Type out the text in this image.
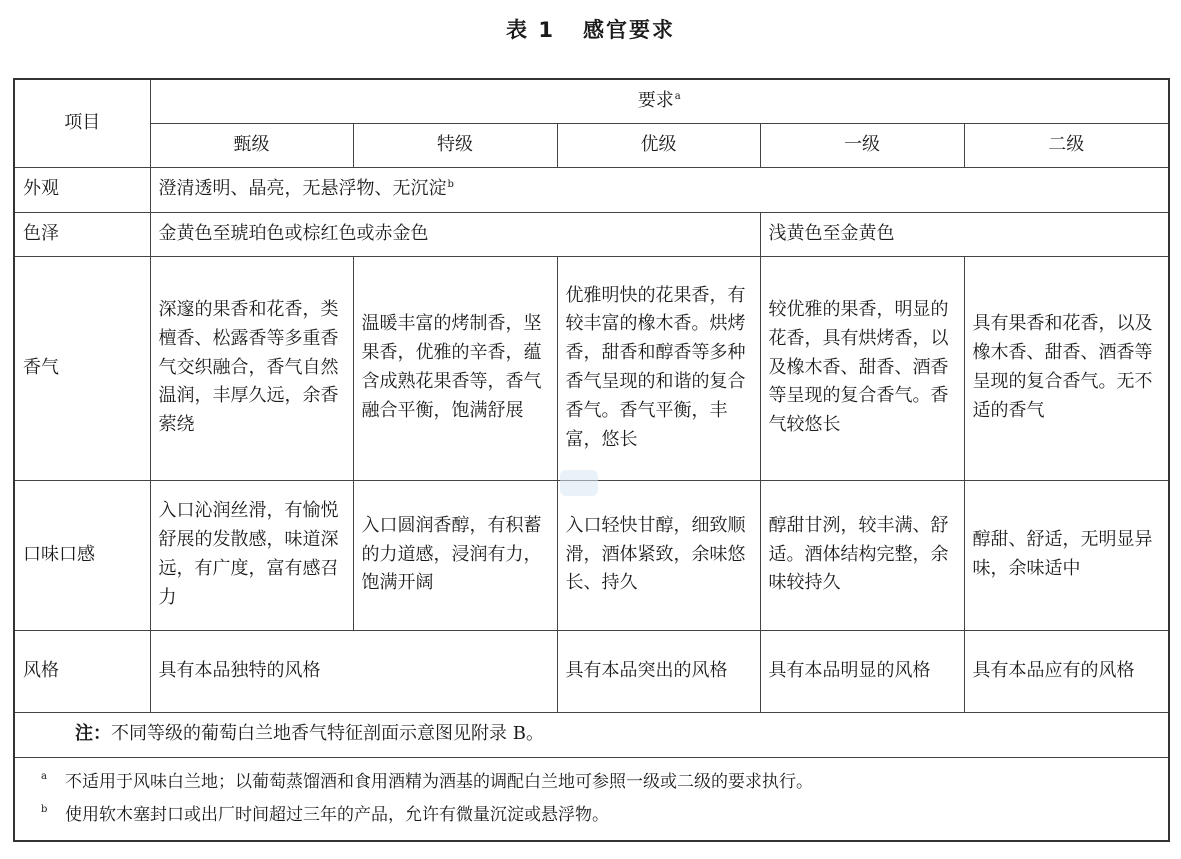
表 1 感官要求
项目	要求$^a$
	甄级	特级	优级	一级	二级
外观	澄清透明、晶亮，无悬浮物、无沉淀$^b$
色泽	金黄色至琥珀色或棕红色或赤金色			浅黄色至金黄色	
香气	深邃的果香和花香，类檀香、松露香等多重香气交织融合，香气自然温润，丰厚久远，余香萦绕	温暖丰富的烤制香，坚果香，优雅的辛香，蕴含成熟花果香等，香气融合平衡，饱满舒展	优雅明快的花果香，有较丰富的橡木香。烘烤香，甜香和醇香等多种香气呈现的和谐的复合香气。香气平衡，丰富，悠长	较优雅的果香，明显的花香，具有烘烤香，以及橡木香、甜香、酒香等呈现的复合香气。香气较悠长	具有果香和花香，以及橡木香、甜香、酒香等呈现的复合香气。无不适的香气
口味口感	入口沁润丝滑，有愉悦舒展的发散感，味道深远，有广度，富有感召力	入口圆润香醇，有积蓄的力道感，浸润有力，饱满开阔	入口轻快甘醇，细致顺滑，酒体紧致，余味悠长、持久	醇甜甘洌，较丰满、舒适。酒体结构完整，余味较持久	醇甜、舒适，无明显异味，余味适中
风格	具有本品独特的风格		具有本品突出的风格	具有本品明显的风格	具有本品应有的风格
注：不同等级的葡萄白兰地香气特征剖面示意图见附录 B。					

a 不适用于风味白兰地；以葡萄蒸馏酒和食用酒精为酒基的调配白兰地可参照一级或二级的要求执行。
b 使用软木塞封口或出厂时间超过三年的产品，允许有微量沉淀或悬浮物。					
